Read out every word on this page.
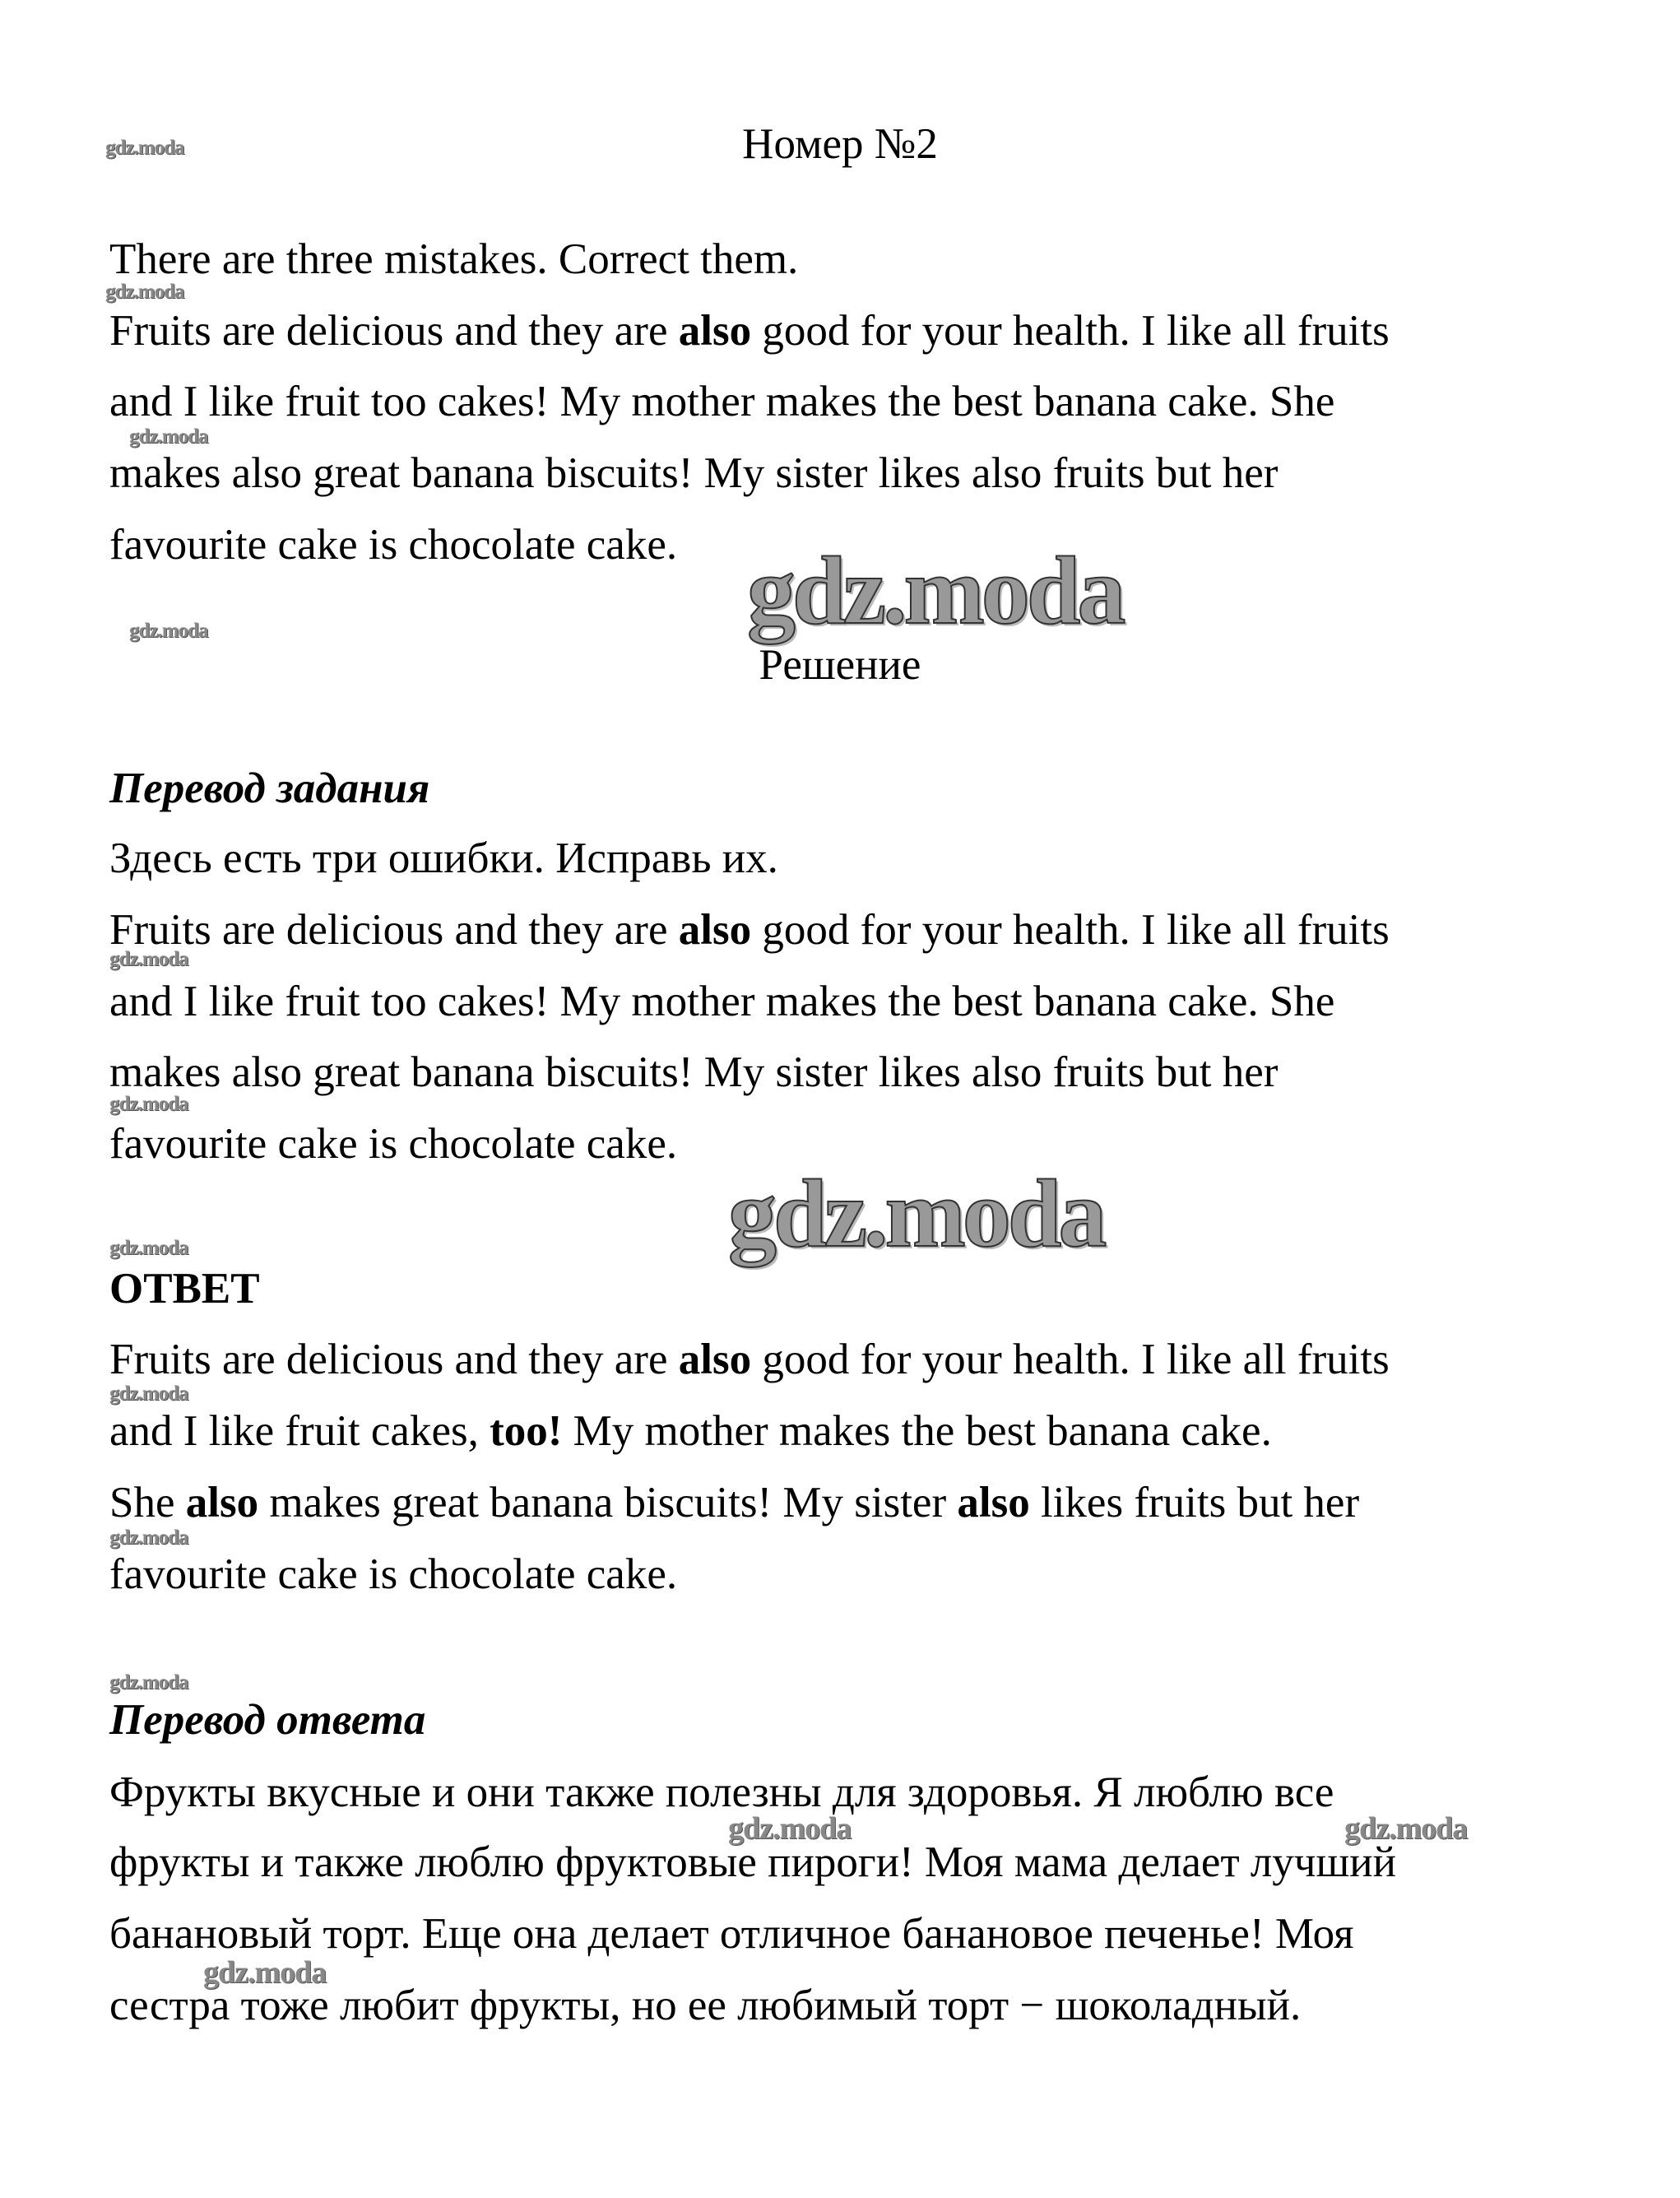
gdz.moda
gdz.moda
gdz.moda
gdz.moda
gdz.moda
gdz.moda
gdz.moda
gdz.moda
gdz.moda
gdz.moda
gdz.moda	gdz.moda
gdz.moda
gdz.moda
gdz.moda
Номер №2
There are three mistakes. Correct them.
Fruits are delicious and they are also good for your health. I like all fruits
and I like fruit too cakes! My mother makes the best banana cake. She
makes also great banana biscuits! My sister likes also fruits but her
favourite cake is chocolate cake.
Решение
Перевод задания
Здесь есть три ошибки. Исправь их.
Fruits are delicious and they are also good for your health. I like all fruits
and I like fruit too cakes! My mother makes the best banana cake. She
makes also great banana biscuits! My sister likes also fruits but her
favourite cake is chocolate cake.
ОТВЕТ
Fruits are delicious and they are also good for your health. I like all fruits
and I like fruit cakes, too! My mother makes the best banana cake.
She also makes great banana biscuits! My sister also likes fruits but her
favourite cake is chocolate cake.
Перевод ответа
Фрукты вкусные и они также полезны для здоровья. Я люблю все
фрукты и также люблю фруктовые пироги! Моя мама делает лучший
банановый торт. Еще она делает отличное банановое печенье! Моя
сестра тоже любит фрукты, но ее любимый торт − шоколадный.
